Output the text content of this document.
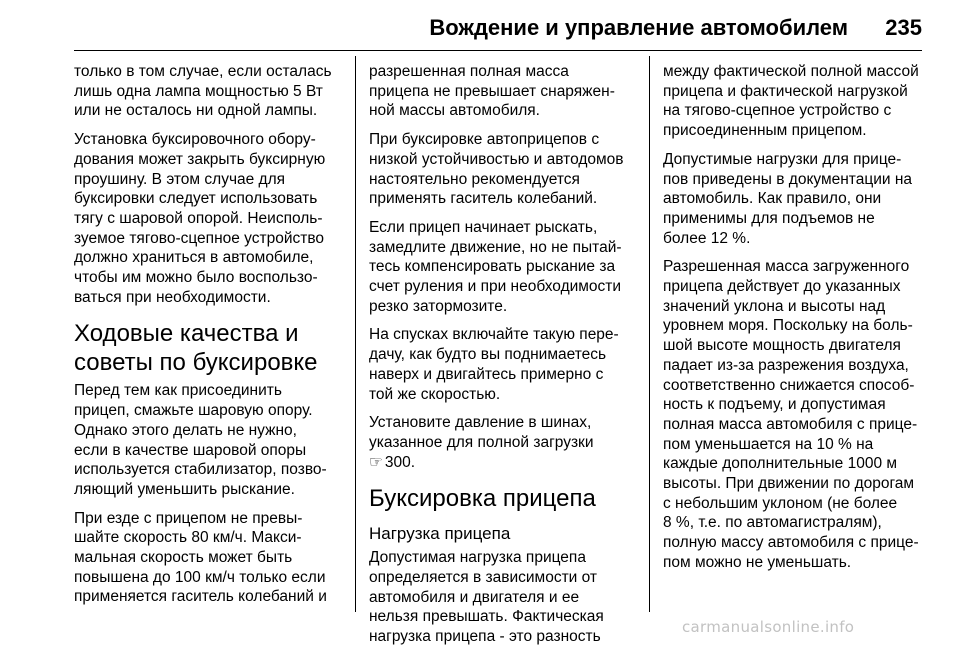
Вождение и управление автомобилем 235

только в том случае, если осталась
лишь одна лампа мощностью 5 Вт
или не осталось ни одной лампы.

Установка буксировочного обору-
дования может закрыть буксирную
проушину. В этом случае для
буксировки следует использовать
тягу с шаровой опорой. Неисполь-
зуемое тягово-сцепное устройство
должно храниться в автомобиле,
чтобы им можно было воспользо-
ваться при необходимости.

Ходовые качества и
советы по буксировке

Перед тем как присоединить
прицеп, смажьте шаровую опору.
Однако этого делать не нужно,
если в качестве шаровой опоры
используется стабилизатор, позво-
ляющий уменьшить рыскание.

При езде с прицепом не превы-
шайте скорость 80 км/ч. Макси-
мальная скорость может быть
повышена до 100 км/ч только если
применяется гаситель колебаний и

разрешенная полная масса
прицепа не превышает снаряжен-
ной массы автомобиля.

При буксировке автоприцепов с
низкой устойчивостью и автодомов
настоятельно рекомендуется
применять гаситель колебаний.

Если прицеп начинает рыскать,
замедлите движение, но не пытай-
тесь компенсировать рыскание за
счет руления и при необходимости
резко затормозите.

На спусках включайте такую пере-
дачу, как будто вы поднимаетесь
наверх и двигайтесь примерно с
той же скоростью.

Установите давление в шинах,
указанное для полной загрузки
☞ 300.

Буксировка прицепа
Нагрузка прицепа

Допустимая нагрузка прицепа
определяется в зависимости от
автомобиля и двигателя и ее
нельзя превышать. Фактическая
нагрузка прицепа - это разность

между фактической полной массой
прицепа и фактической нагрузкой
на тягово-сцепное устройство с
присоединенным прицепом.

Допустимые нагрузки для прице-
пов приведены в документации на
автомобиль. Как правило, они
применимы для подъемов не
более 12 %.

Разрешенная масса загруженного
прицепа действует до указанных
значений уклона и высоты над
уровнем моря. Поскольку на боль-
шой высоте мощность двигателя
падает из-за разрежения воздуха,
соответственно снижается способ-
ность к подъему, и допустимая
полная масса автомобиля с прице-
пом уменьшается на 10 % на
каждые дополнительные 1000 м
высоты. При движении по дорогам
с небольшим уклоном (не более
8 %, т.е. по автомагистралям),
полную массу автомобиля с прице-
пом можно не уменьшать.

carmanualsonline.info
